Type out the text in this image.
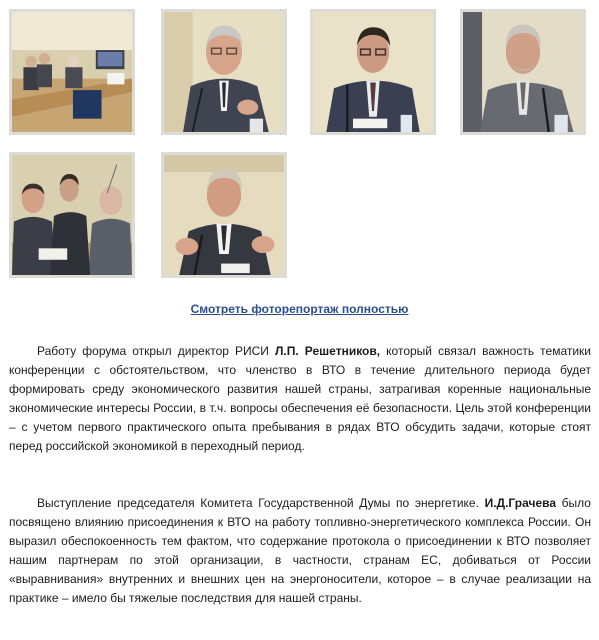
Смотреть фоторепортаж полностью

Работу форума открыл директор РИСИ Л.П. Решетников, который связал важность тематики конференции с обстоятельством, что членство в ВТО в течение длительного периода будет формировать среду экономического развития нашей страны, затрагивая коренные национальные экономические интересы России, в т.ч. вопросы обеспечения её безопасности. Цель этой конференции – с учетом первого практического опыта пребывания в рядах ВТО обсудить задачи, которые стоят перед российской экономикой в переходный период.

Выступление председателя Комитета Государственной Думы по энергетике. И.Д.Грачева было посвящено влиянию присоединения к ВТО на работу топливно-энергетического комплекса России. Он выразил обеспокоенность тем фактом, что содержание протокола о присоединении к ВТО позволяет нашим партнерам по этой организации, в частности, странам ЕС, добиваться от России «выравнивания» внутренних и внешних цен на энергоносители, которое – в случае реализации на практике – имело бы тяжелые последствия для нашей страны.
